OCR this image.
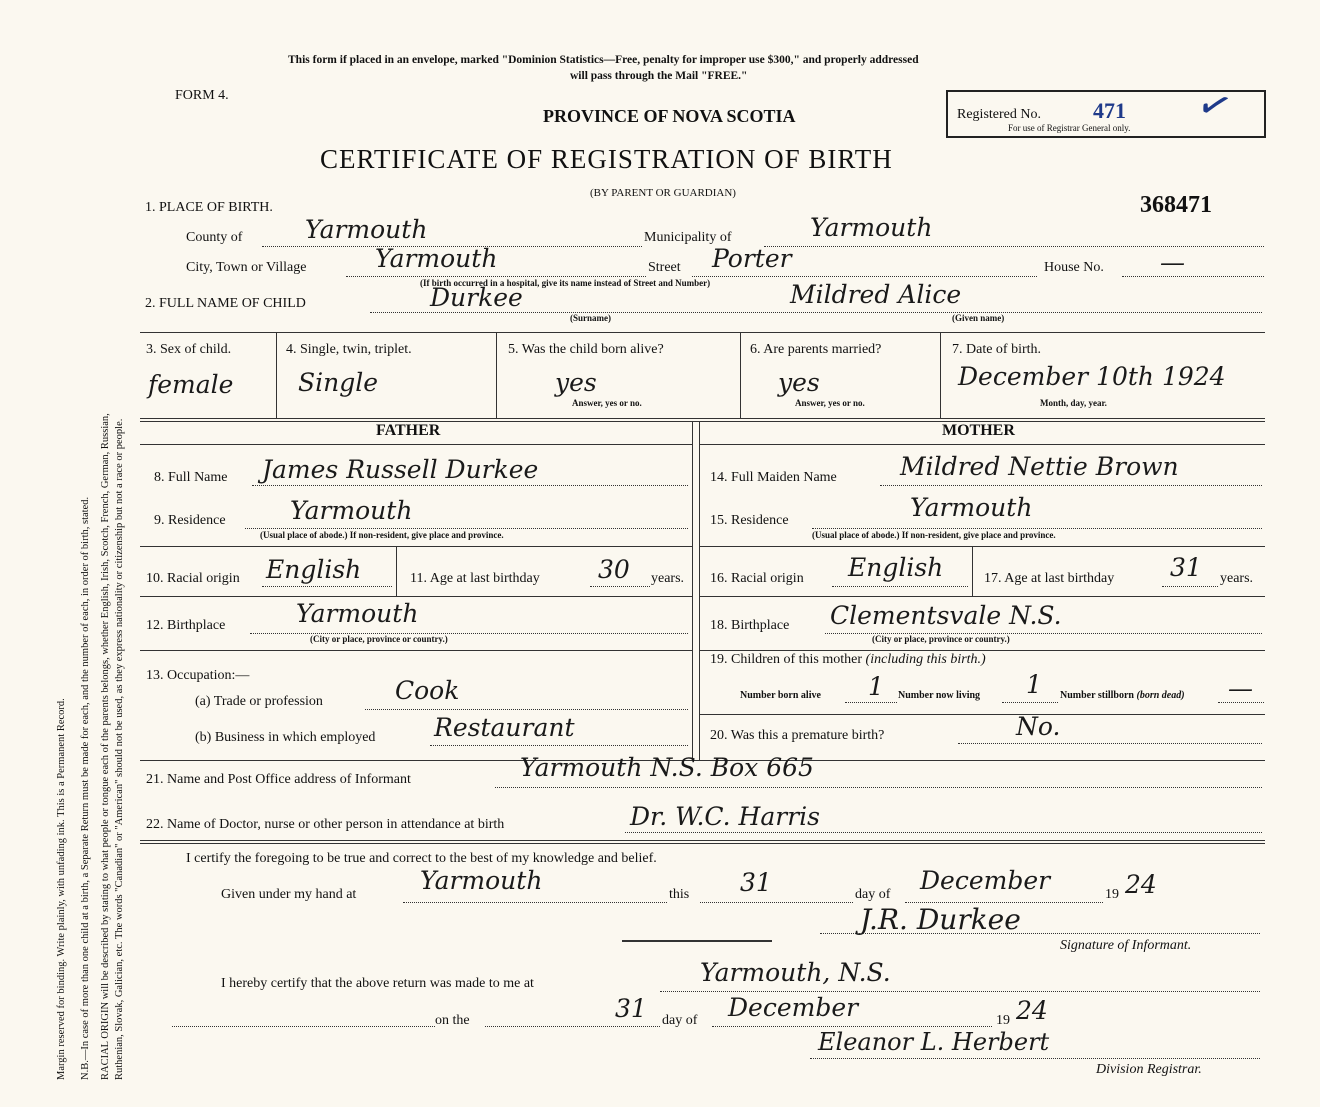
Margin reserved for binding. Write plainly, with unfading ink. This is a Permanent Record. N.B.—In case of more than one child at a birth, a Separate Return must be made for each, and the number of each, in order of birth, stated. RACIAL ORIGIN will be described by stating to what people or tongue each of the parents belongs, whether English, Irish, Scotch, French, German, Russian, Ruthenian, Slovak, Galician, etc. The words "Canadian" or "American" should not be used, as they express nationality or citizenship but not a race or people.
This form if placed in an envelope, marked "Dominion Statistics—Free, penalty for improper use $300," and properly addressed
will pass through the Mail "FREE."
FORM 4.
PROVINCE OF NOVA SCOTIA	Registered No. 471
For use of Registrar General only. ✓
CERTIFICATE OF REGISTRATION OF BIRTH
(BY PARENT OR GUARDIAN)	368471
1. PLACE OF BIRTH.
County of	Yarmouth	Municipality of	Yarmouth
City, Town or Village	Yarmouth	Street Porter	House No. —
(If birth occurred in a hospital, give its name instead of Street and Number)
2. FULL NAME OF CHILD	Durkee
(Surname)
Mildred Alice
(Given name)
3. Sex of child.
female
4. Single, twin, triplet.
Single
5. Was the child born alive?
yes
Answer, yes or no.
6. Are parents married?
yes
Answer, yes or no.
7. Date of birth.
December 10th 1924
Month, day, year.
FATHER	MOTHER
8. Full Name James Russell Durkee
9. Residence	Yarmouth
(Usual place of abode.) If non-resident, give place and province.
10. Racial origin English	11. Age at last birthday 30 years.
12. Birthplace	Yarmouth
(City or place, province or country.)
13. Occupation:—
(a) Trade or profession	Cook
(b) Business in which employed Restaurant
14. Full Maiden Name	Mildred Nettie Brown
15. Residence	Yarmouth
(Usual place of abode.) If non-resident, give place and province.
16. Racial origin English	17. Age at last birthday 31 years.
18. Birthplace Clementsvale N.S.
(City or place, province or country.)
19. Children of this mother (including this birth.)
Number born alive 1 Number now living 1 Number stillborn (born dead) —
20. Was this a premature birth?	No.
21. Name and Post Office address of Informant	Yarmouth N.S. Box 665
22. Name of Doctor, nurse or other person in attendance at birth	Dr. W.C. Harris
I certify the foregoing to be true and correct to the best of my knowledge and belief.
Given under my hand at	Yarmouth	this 31	day of December	19 24
J.R. Durkee
Signature of Informant.
I hereby certify that the above return was made to me at	Yarmouth, N.S.
on the	31 day of December	19 24
Eleanor L. Herbert
Division Registrar.
